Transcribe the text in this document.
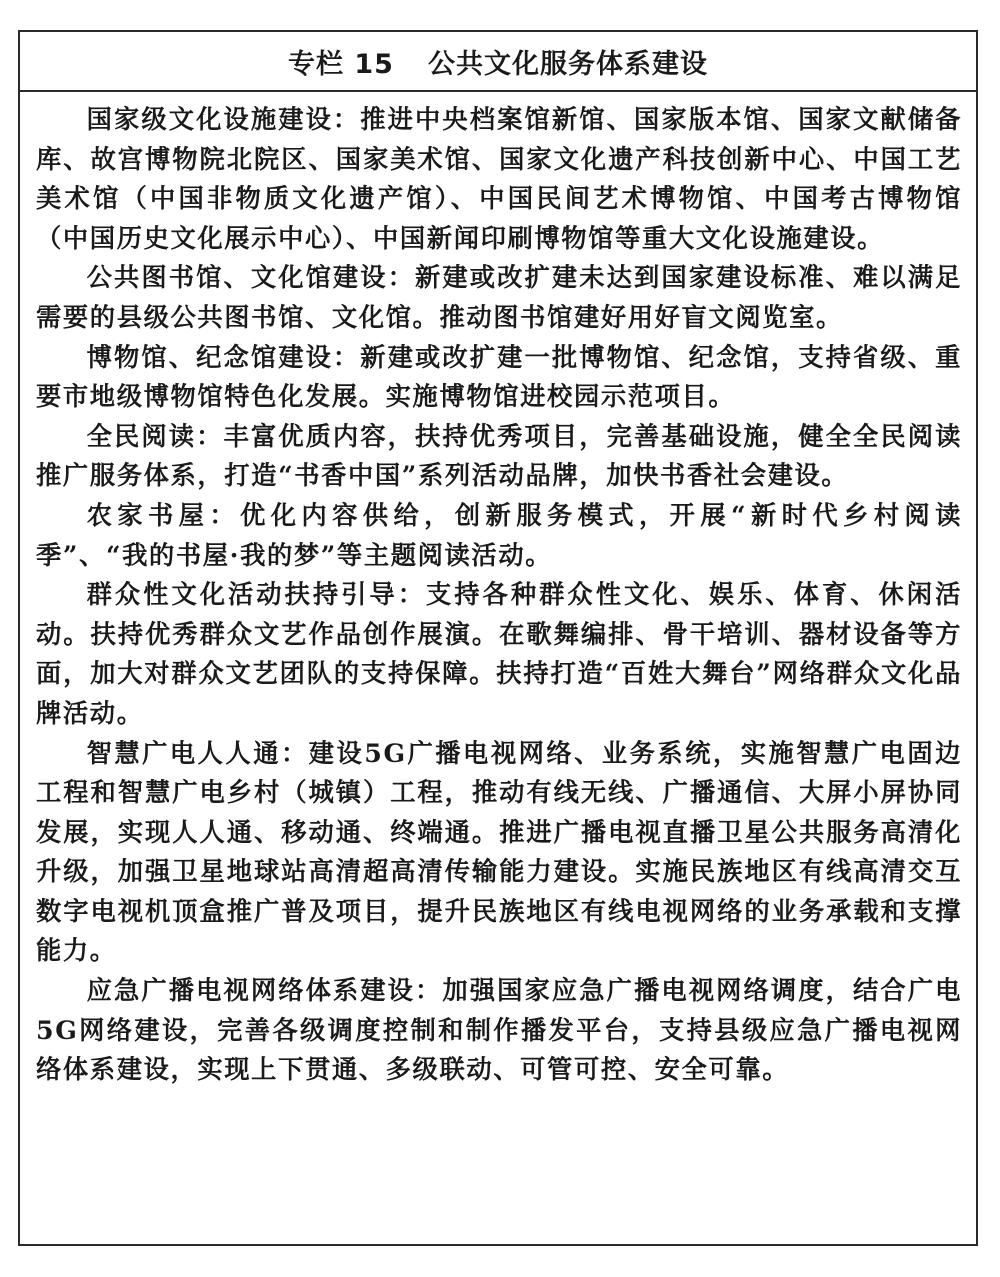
专栏 15 公共文化服务体系建设

国家级文化设施建设：推进中央档案馆新馆、国家版本馆、国家文献储备库、故宫博物院北院区、国家美术馆、国家文化遗产科技创新中心、中国工艺美术馆（中国非物质文化遗产馆）、中国民间艺术博物馆、中国考古博物馆（中国历史文化展示中心）、中国新闻印刷博物馆等重大文化设施建设。

公共图书馆、文化馆建设：新建或改扩建未达到国家建设标准、难以满足需要的县级公共图书馆、文化馆。推动图书馆建好用好盲文阅览室。

博物馆、纪念馆建设：新建或改扩建一批博物馆、纪念馆，支持省级、重要市地级博物馆特色化发展。实施博物馆进校园示范项目。

全民阅读：丰富优质内容，扶持优秀项目，完善基础设施，健全全民阅读推广服务体系，打造“书香中国”系列活动品牌，加快书香社会建设。

农家书屋：优化内容供给，创新服务模式，开展“新时代乡村阅读季”、“我的书屋·我的梦”等主题阅读活动。

群众性文化活动扶持引导：支持各种群众性文化、娱乐、体育、休闲活动。扶持优秀群众文艺作品创作展演。在歌舞编排、骨干培训、器材设备等方面，加大对群众文艺团队的支持保障。扶持打造“百姓大舞台”网络群众文化品牌活动。

智慧广电人人通：建设5G广播电视网络、业务系统，实施智慧广电固边工程和智慧广电乡村（城镇）工程，推动有线无线、广播通信、大屏小屏协同发展，实现人人通、移动通、终端通。推进广播电视直播卫星公共服务高清化升级，加强卫星地球站高清超高清传输能力建设。实施民族地区有线高清交互数字电视机顶盒推广普及项目，提升民族地区有线电视网络的业务承载和支撑能力。

应急广播电视网络体系建设：加强国家应急广播电视网络调度，结合广电5G网络建设，完善各级调度控制和制作播发平台，支持县级应急广播电视网络体系建设，实现上下贯通、多级联动、可管可控、安全可靠。
